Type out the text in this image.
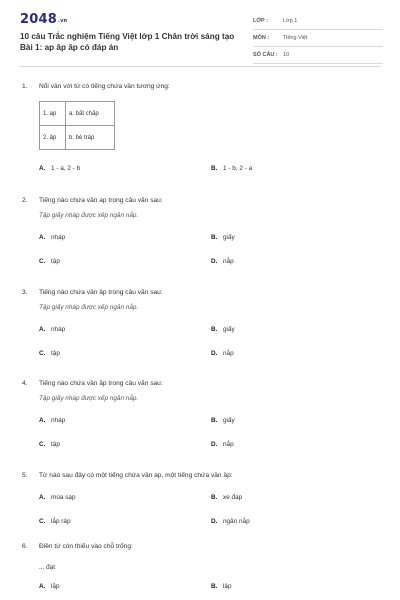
2048.vn
10 câu Trắc nghiệm Tiếng Việt lớp 1 Chân trời sáng tạo Bài 1: ap âp ăp có đáp án
LỚP :	Lớp 1
MÔN :	Tiếng Việt
SỐ CÂU : 10
1.	Nối vần với từ có tiếng chứa vần tương ứng:
1. ap	a. bất chấp
2. âp	b. bé tráp
A. 1 - a, 2 - b	B. 1 - b, 2 - a
2.	Tiếng nào chứa vần ap trong câu văn sau:
Tập giấy nháp được xếp ngăn nắp.
A. nháp	B. giấy
C. tập	D. nắp
3.	Tiếng nào chứa vần âp trong câu văn sau:
Tập giấy nháp được xếp ngăn nắp.
A. nháp	B. giấy
C. tập	D. nắp
4.	Tiếng nào chứa vần ăp trong câu văn sau:
Tập giấy nháp được xếp ngăn nắp.
A. nháp	B. giấy
C. tập	D. nắp
5.	Từ nào sau đây có một tiếng chứa vần ap, một tiếng chứa vần âp:
A. mùa sạp	B. xe đạp
C. lắp ráp	D. ngăn nắp
6.	Điền từ còn thiếu vào chỗ trống:
... đạt
A. lặp	B. lập
